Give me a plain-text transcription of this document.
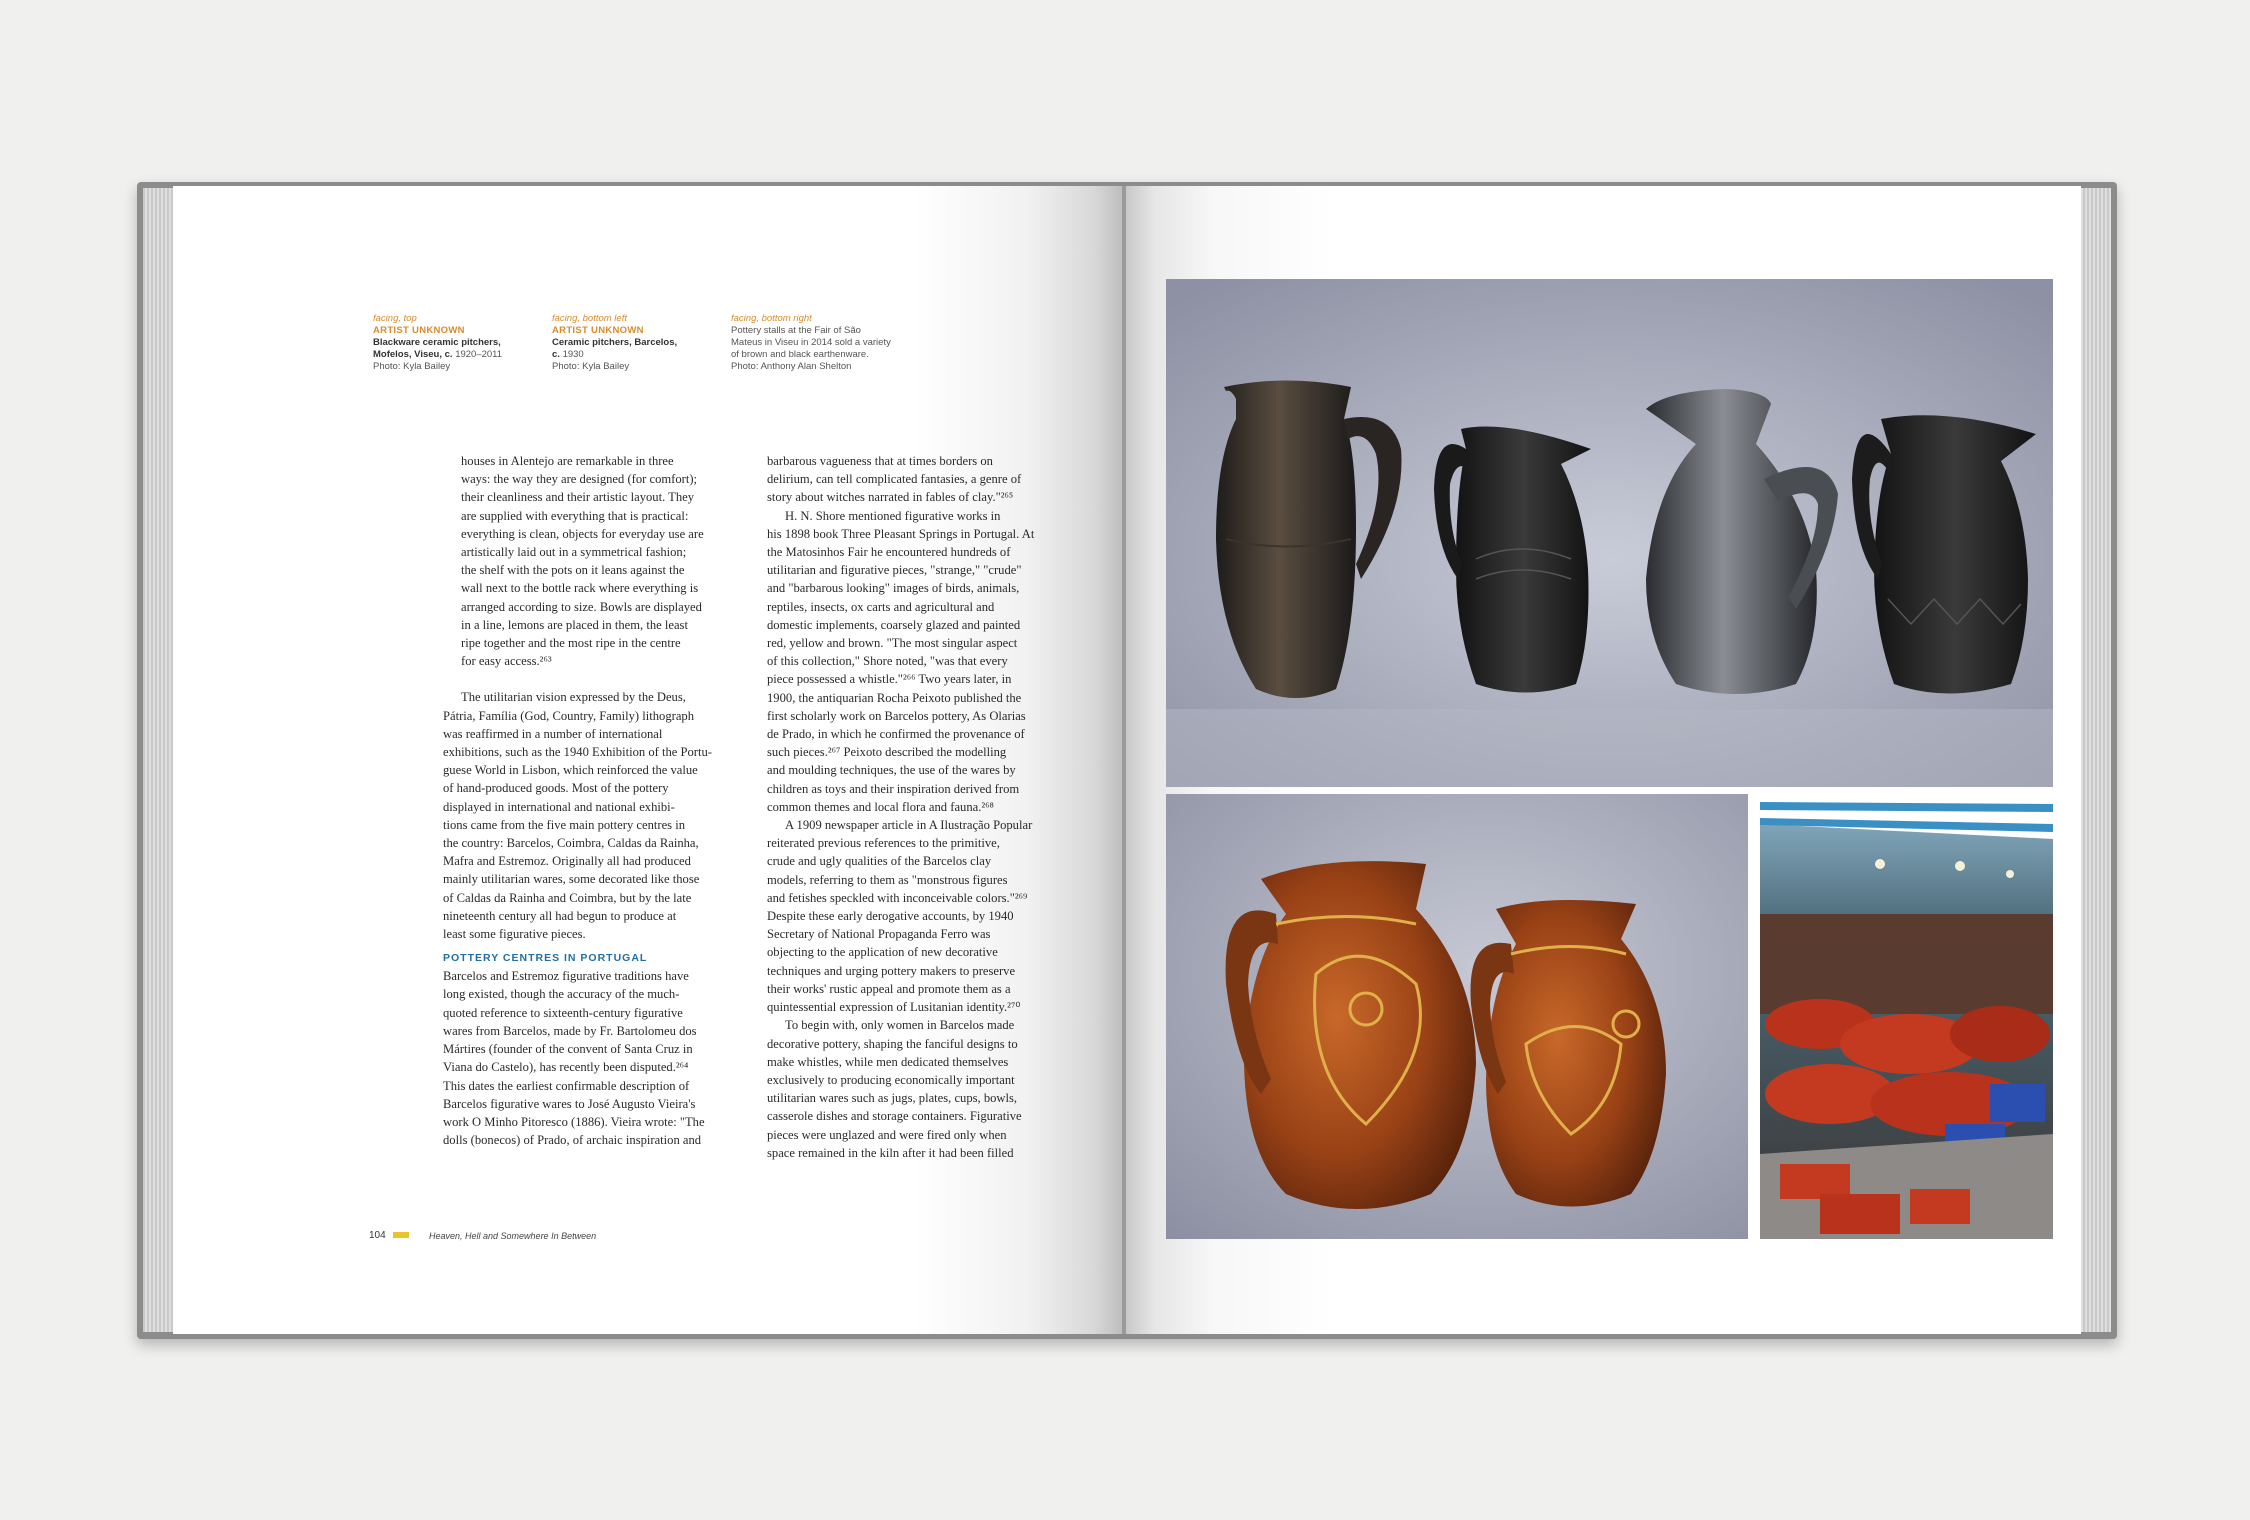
facing, top
ARTIST UNKNOWN
Blackware ceramic pitchers,
Mofelos, Viseu, c. 1920–2011
Photo: Kyla Bailey
facing, bottom left
ARTIST UNKNOWN
Ceramic pitchers, Barcelos,
c. 1930
Photo: Kyla Bailey
facing, bottom right
Pottery stalls at the Fair of São
Mateus in Viseu in 2014 sold a variety
of brown and black earthenware.
Photo: Anthony Alan Shelton
houses in Alentejo are remarkable in three
ways: the way they are designed (for comfort);
their cleanliness and their artistic layout. They
are supplied with everything that is practical:
everything is clean, objects for everyday use are
artistically laid out in a symmetrical fashion;
the shelf with the pots on it leans against the
wall next to the bottle rack where everything is
arranged according to size. Bowls are displayed
in a line, lemons are placed in them, the least
ripe together and the most ripe in the centre
for easy access.²⁶³
The utilitarian vision expressed by the Deus,
Pátria, Família (God, Country, Family) lithograph
was reaffirmed in a number of international
exhibitions, such as the 1940 Exhibition of the Portu-
guese World in Lisbon, which reinforced the value
of hand-produced goods. Most of the pottery
displayed in international and national exhibi-
tions came from the five main pottery centres in
the country: Barcelos, Coimbra, Caldas da Rainha,
Mafra and Estremoz. Originally all had produced
mainly utilitarian wares, some decorated like those
of Caldas da Rainha and Coimbra, but by the late
nineteenth century all had begun to produce at
least some figurative pieces.
POTTERY CENTRES IN PORTUGAL
Barcelos and Estremoz figurative traditions have
long existed, though the accuracy of the much-
quoted reference to sixteenth-century figurative
wares from Barcelos, made by Fr. Bartolomeu dos
Mártires (founder of the convent of Santa Cruz in
Viana do Castelo), has recently been disputed.²⁶⁴
This dates the earliest confirmable description of
Barcelos figurative wares to José Augusto Vieira's
work O Minho Pitoresco (1886). Vieira wrote: "The
dolls (bonecos) of Prado, of archaic inspiration and
barbarous vagueness that at times borders on
delirium, can tell complicated fantasies, a genre of
story about witches narrated in fables of clay."²⁶⁵
H. N. Shore mentioned figurative works in
his 1898 book Three Pleasant Springs in Portugal. At
the Matosinhos Fair he encountered hundreds of
utilitarian and figurative pieces, "strange," "crude"
and "barbarous looking" images of birds, animals,
reptiles, insects, ox carts and agricultural and
domestic implements, coarsely glazed and painted
red, yellow and brown. "The most singular aspect
of this collection," Shore noted, "was that every
piece possessed a whistle."²⁶⁶ Two years later, in
1900, the antiquarian Rocha Peixoto published the
first scholarly work on Barcelos pottery, As Olarias
de Prado, in which he confirmed the provenance of
such pieces.²⁶⁷ Peixoto described the modelling
and moulding techniques, the use of the wares by
children as toys and their inspiration derived from
common themes and local flora and fauna.²⁶⁸
A 1909 newspaper article in A Ilustração Popular
reiterated previous references to the primitive,
crude and ugly qualities of the Barcelos clay
models, referring to them as "monstrous figures
and fetishes speckled with inconceivable colors."²⁶⁹
Despite these early derogative accounts, by 1940
Secretary of National Propaganda Ferro was
objecting to the application of new decorative
techniques and urging pottery makers to preserve
their works' rustic appeal and promote them as a
quintessential expression of Lusitanian identity.²⁷⁰
To begin with, only women in Barcelos made
decorative pottery, shaping the fanciful designs to
make whistles, while men dedicated themselves
exclusively to producing economically important
utilitarian wares such as jugs, plates, cups, bowls,
casserole dishes and storage containers. Figurative
pieces were unglazed and were fired only when
space remained in the kiln after it had been filled
104	Heaven, Hell and Somewhere In Between
